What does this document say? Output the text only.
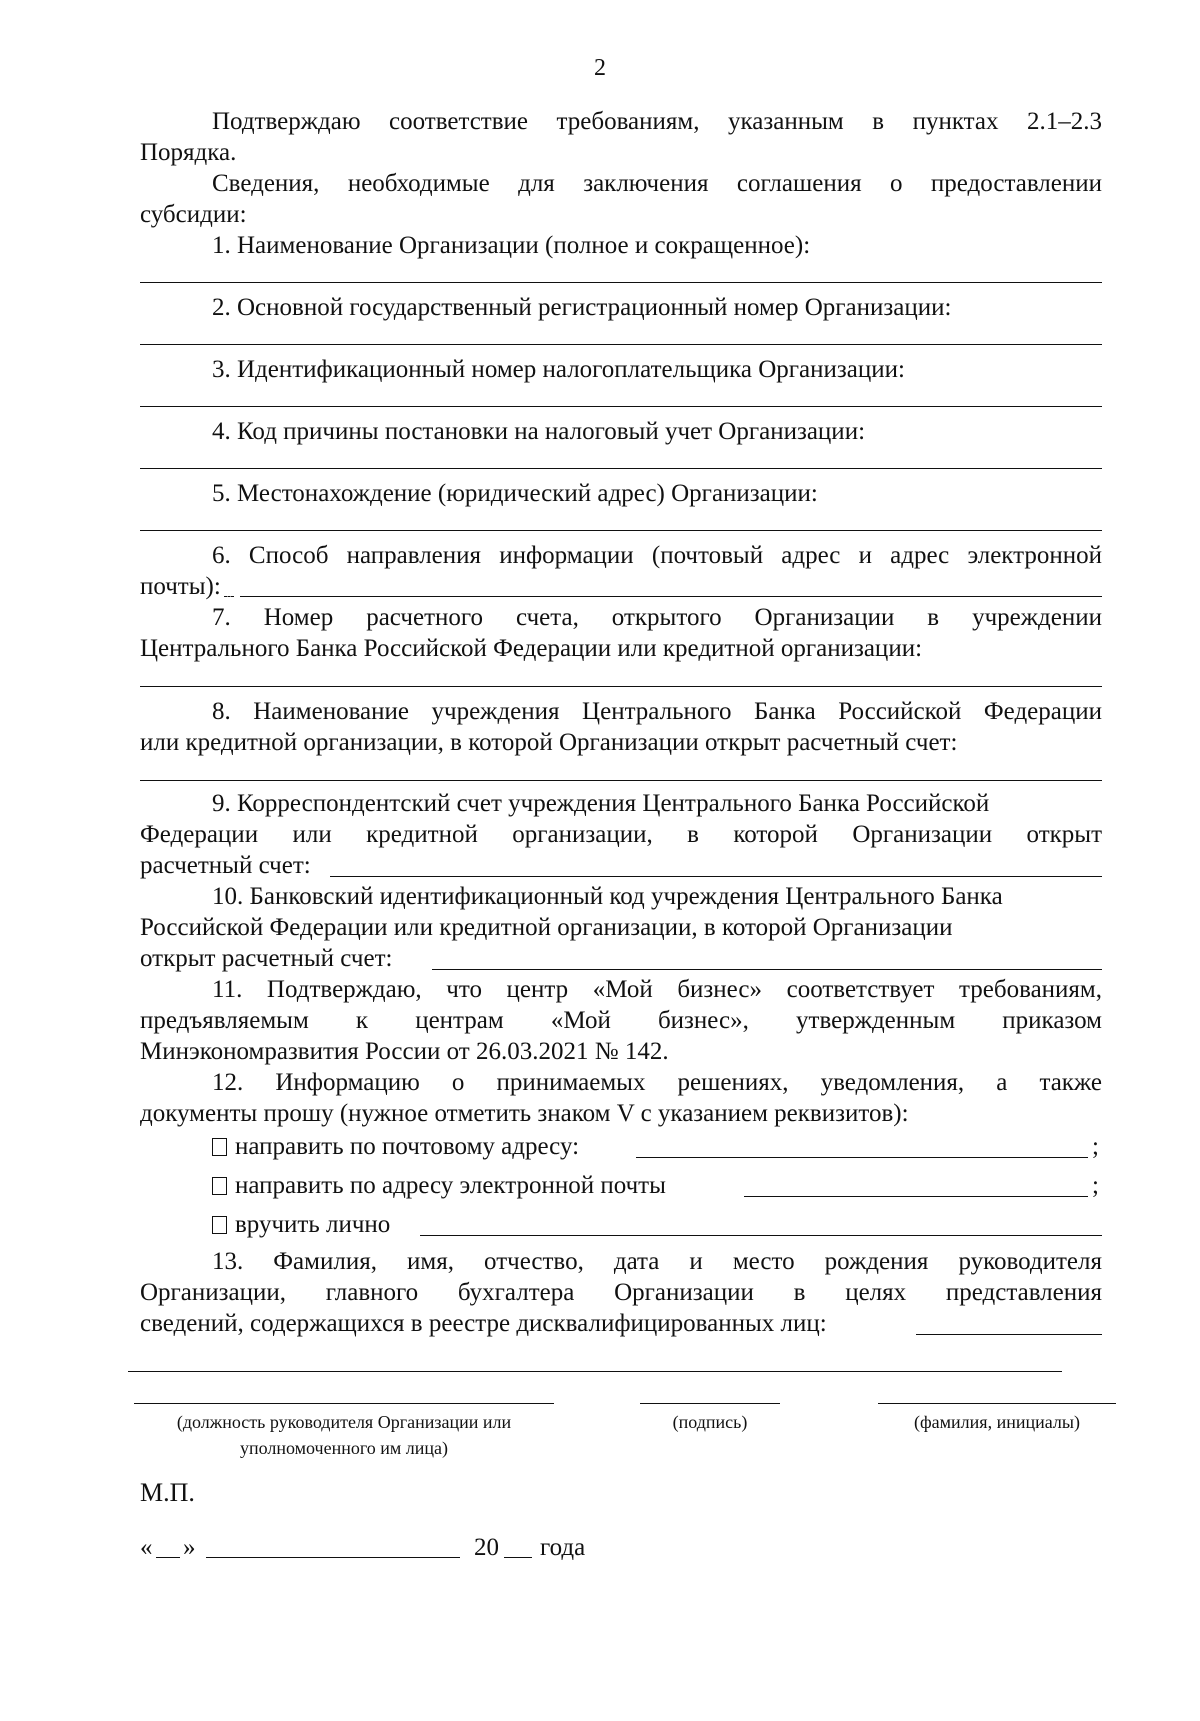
2
Подтверждаю соответствие требованиям, указанным в пунктах 2.1–2.3
Порядка.
Сведения, необходимые для заключения соглашения о предоставлении
субсидии:
1. Наименование Организации (полное и сокращенное):
2. Основной государственный регистрационный номер Организации:
3. Идентификационный номер налогоплательщика Организации:
4. Код причины постановки на налоговый учет Организации:
5. Местонахождение (юридический адрес) Организации:
6. Способ направления информации (почтовый адрес и адрес электронной
почты):
7. Номер расчетного счета, открытого Организации в учреждении
Центрального Банка Российской Федерации или кредитной организации:
8. Наименование учреждения Центрального Банка Российской Федерации
или кредитной организации, в которой Организации открыт расчетный счет:
9. Корреспондентский счет учреждения Центрального Банка Российской
Федерации или кредитной организации, в которой Организации открыт
расчетный счет:
10. Банковский идентификационный код учреждения Центрального Банка
Российской Федерации или кредитной организации, в которой Организации
открыт расчетный счет:
11. Подтверждаю, что центр «Мой бизнес» соответствует требованиям,
предъявляемым к центрам «Мой бизнес», утвержденным приказом
Минэкономразвития России от 26.03.2021 № 142.
12. Информацию о принимаемых решениях, уведомления, а также
документы прошу (нужное отметить знаком V с указанием реквизитов):
направить по почтовому адресу:	;
направить по адресу электронной почты	;
вручить лично
13. Фамилия, имя, отчество, дата и место рождения руководителя
Организации, главного бухгалтера Организации в целях представления
сведений, содержащихся в реестре дисквалифицированных лиц:
(должность руководителя Организации или
уполномоченного им лица)
(подпись)	(фамилия, инициалы)
М.П.
«	»	20	года
